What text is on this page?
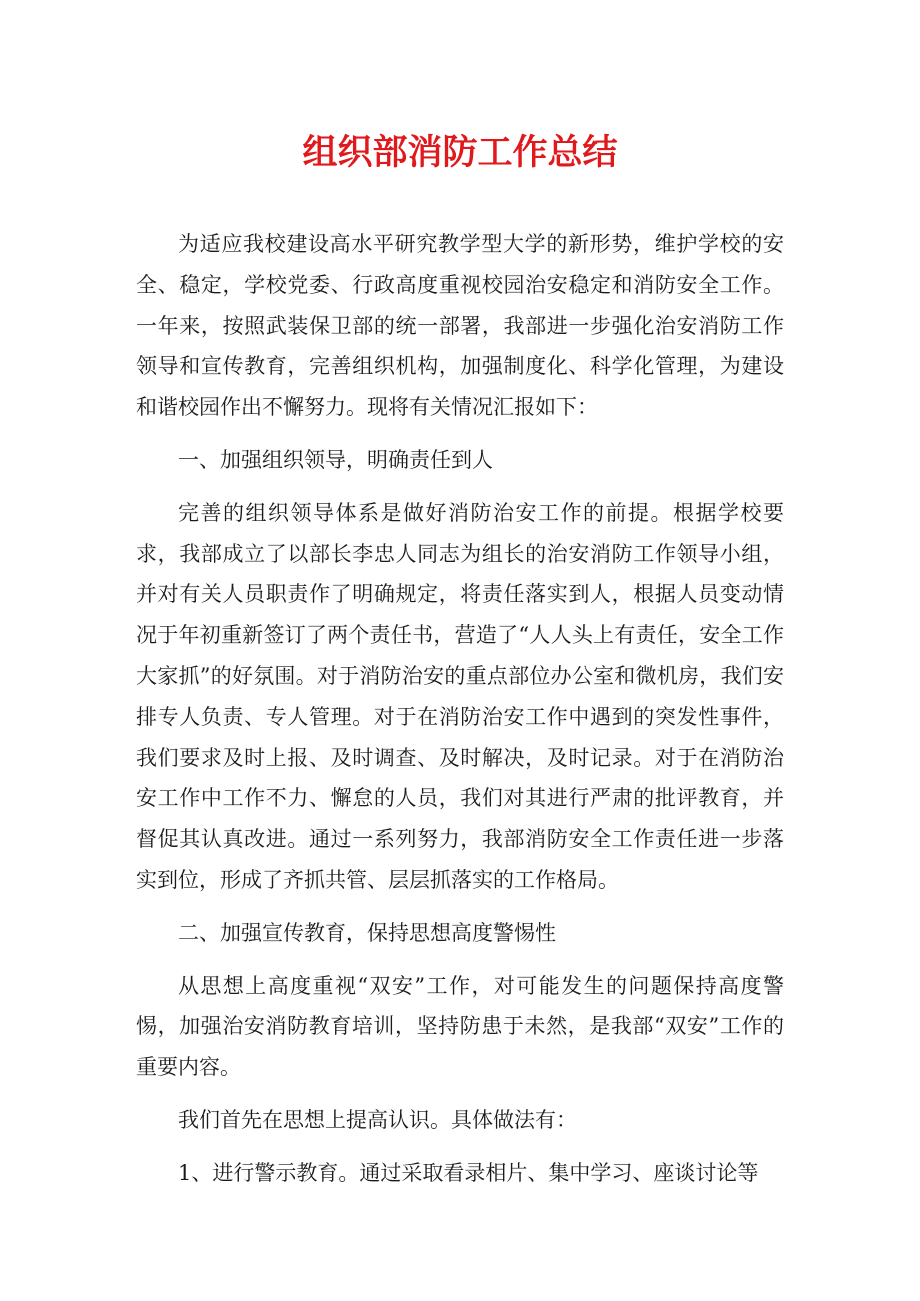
组织部消防工作总结

为适应我校建设高水平研究教学型大学的新形势，维护学校的安全、稳定，学校党委、行政高度重视校园治安稳定和消防安全工作。一年来，按照武装保卫部的统一部署，我部进一步强化治安消防工作领导和宣传教育，完善组织机构，加强制度化、科学化管理，为建设和谐校园作出不懈努力。现将有关情况汇报如下：

一、加强组织领导，明确责任到人

完善的组织领导体系是做好消防治安工作的前提。根据学校要求，我部成立了以部长李忠人同志为组长的治安消防工作领导小组，并对有关人员职责作了明确规定，将责任落实到人，根据人员变动情况于年初重新签订了两个责任书，营造了“人人头上有责任，安全工作大家抓”的好氛围。对于消防治安的重点部位办公室和微机房，我们安排专人负责、专人管理。对于在消防治安工作中遇到的突发性事件，我们要求及时上报、及时调查、及时解决，及时记录。对于在消防治安工作中工作不力、懈怠的人员，我们对其进行严肃的批评教育，并督促其认真改进。通过一系列努力，我部消防安全工作责任进一步落实到位，形成了齐抓共管、层层抓落实的工作格局。

二、加强宣传教育，保持思想高度警惕性

从思想上高度重视“双安”工作，对可能发生的问题保持高度警惕，加强治安消防教育培训，坚持防患于未然，是我部“双安”工作的重要内容。

我们首先在思想上提高认识。具体做法有：

1、进行警示教育。通过采取看录相片、集中学习、座谈讨论等
